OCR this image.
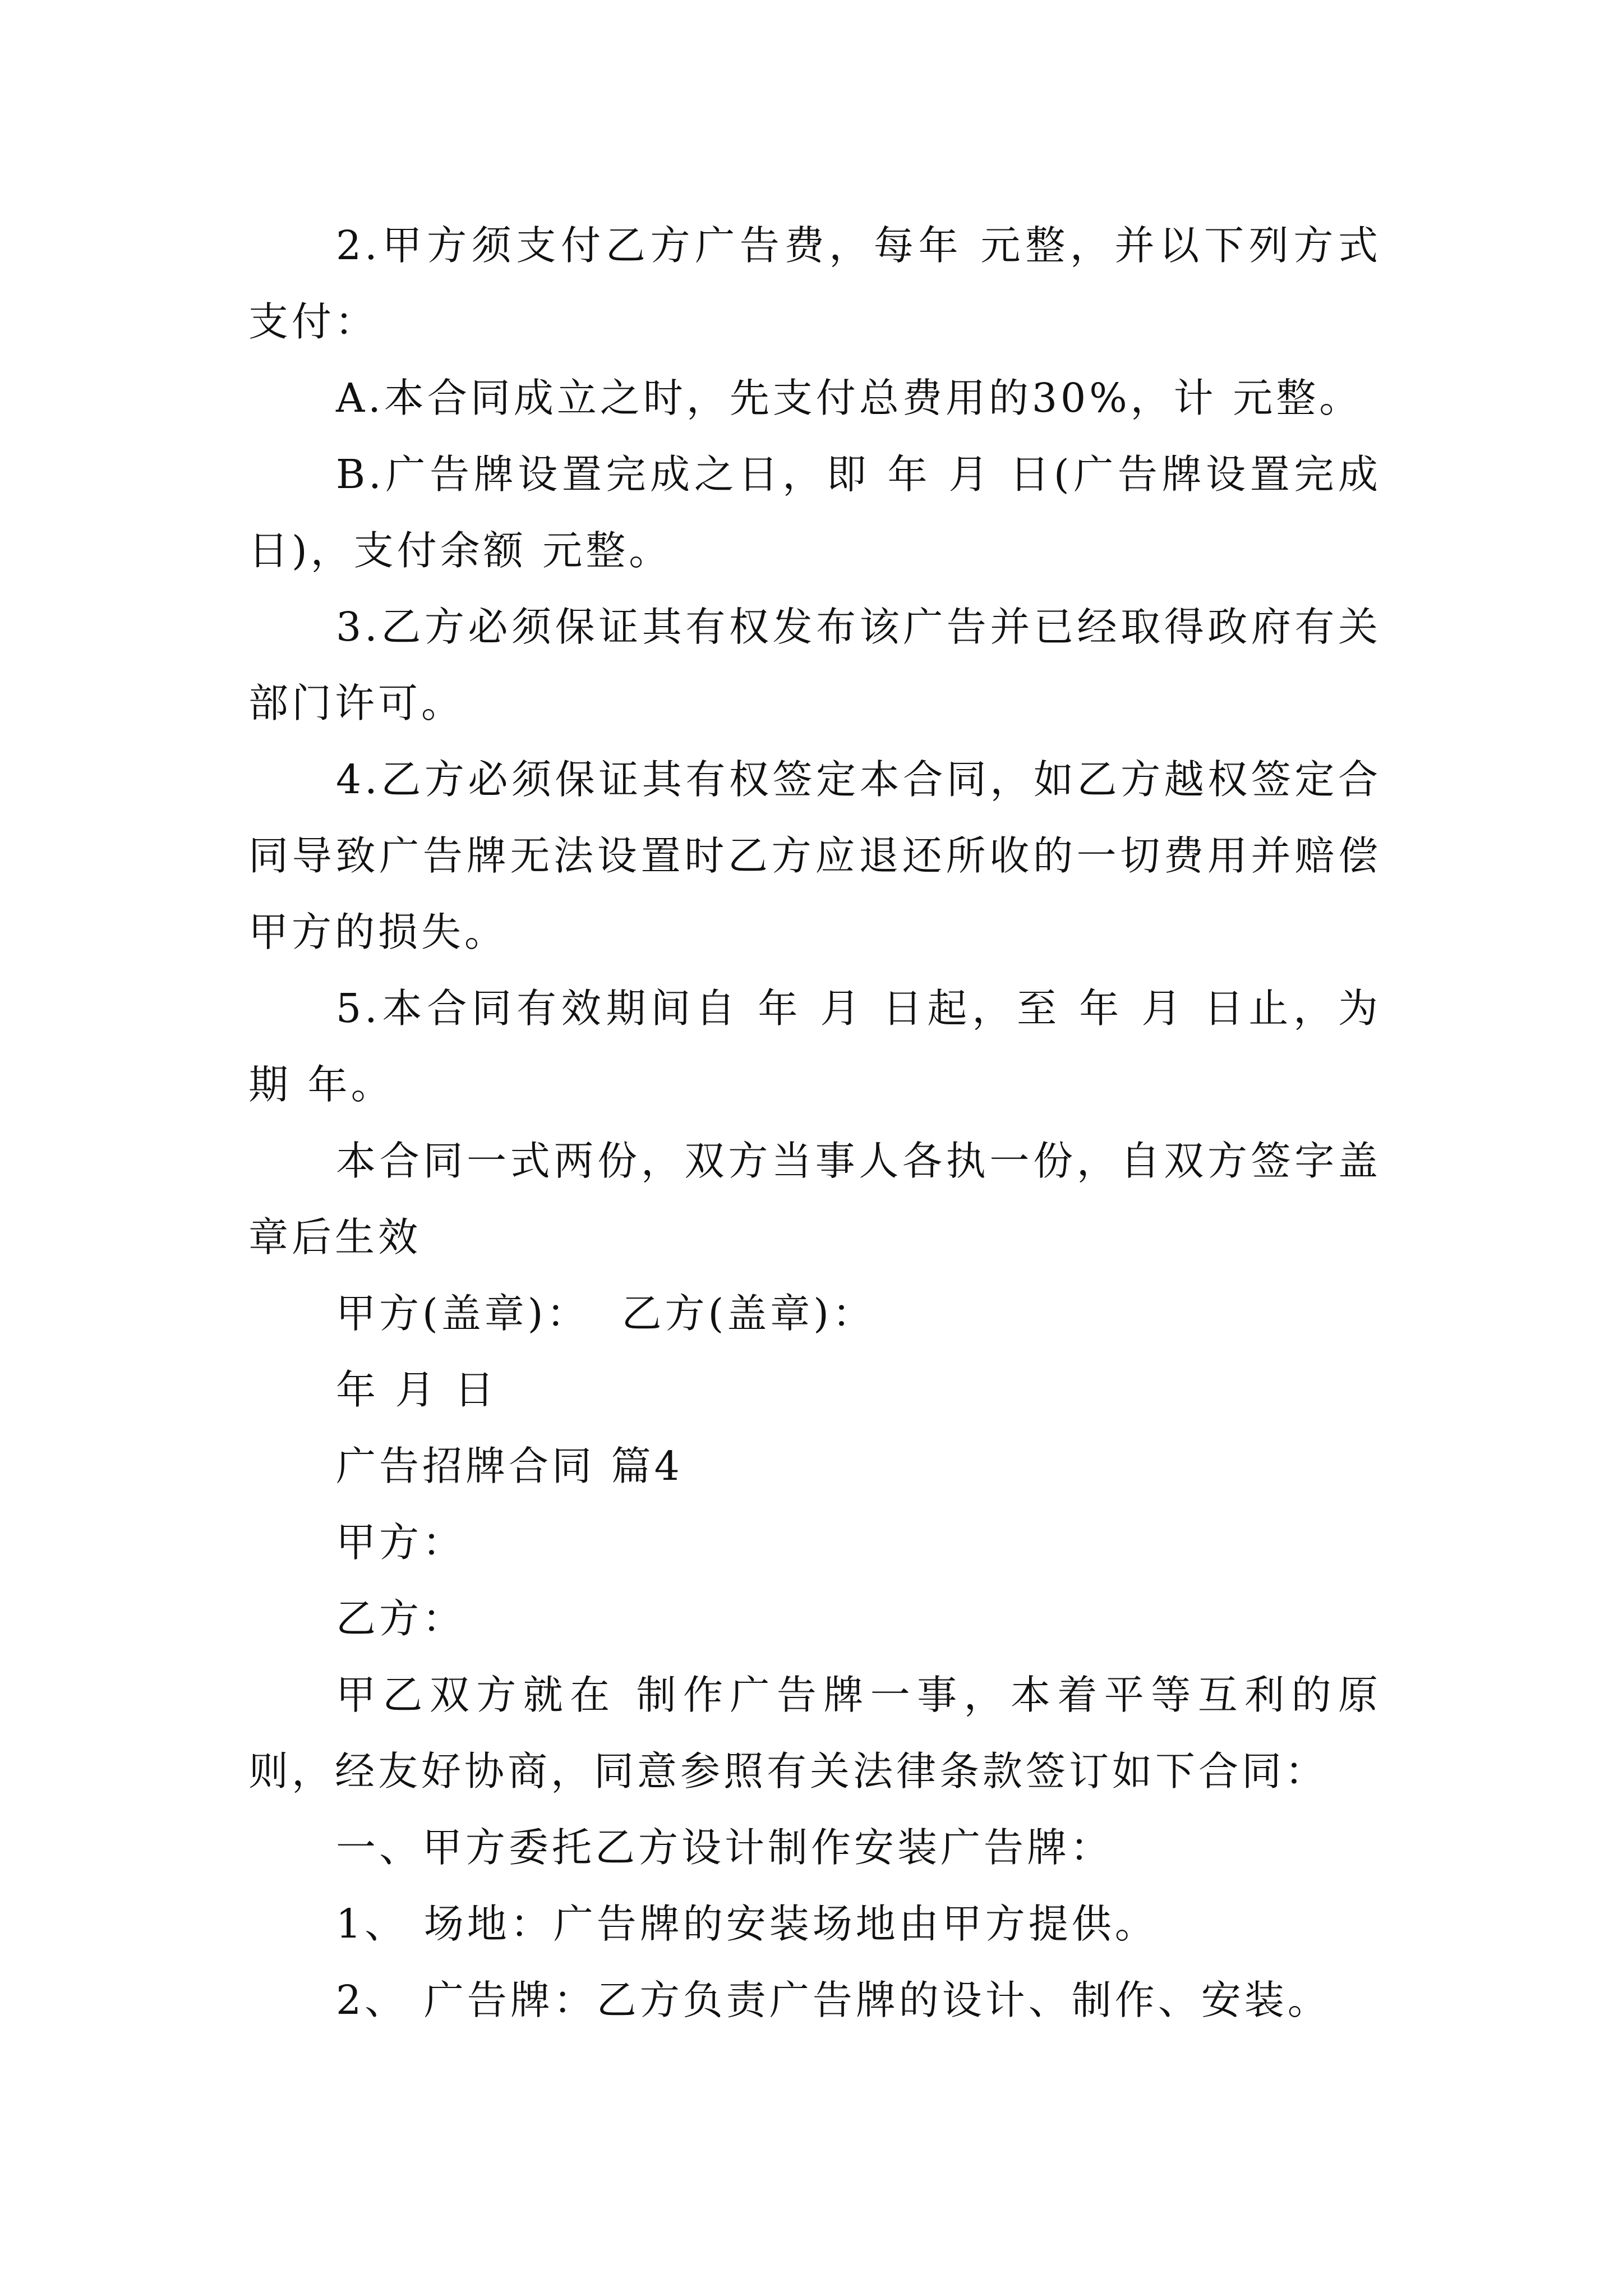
2.甲方须支付乙方广告费，每年 元整，并以下列方式支付：

A.本合同成立之时，先支付总费用的30%，计 元整。

B.广告牌设置完成之日，即 年 月 日(广告牌设置完成日)，支付余额 元整。

3.乙方必须保证其有权发布该广告并已经取得政府有关部门许可。

4.乙方必须保证其有权签定本合同，如乙方越权签定合同导致广告牌无法设置时乙方应退还所收的一切费用并赔偿甲方的损失。

5.本合同有效期间自 年 月 日起，至 年 月 日止，为期 年。

本合同一式两份，双方当事人各执一份，自双方签字盖章后生效

甲方(盖章)：  乙方(盖章)：

年 月 日

广告招牌合同 篇4

甲方：

乙方：

甲乙双方就在 制作广告牌一事，本着平等互利的原则，经友好协商，同意参照有关法律条款签订如下合同：

一、甲方委托乙方设计制作安装广告牌：

1、 场地：广告牌的安装场地由甲方提供。

2、 广告牌：乙方负责广告牌的设计、制作、安装。
